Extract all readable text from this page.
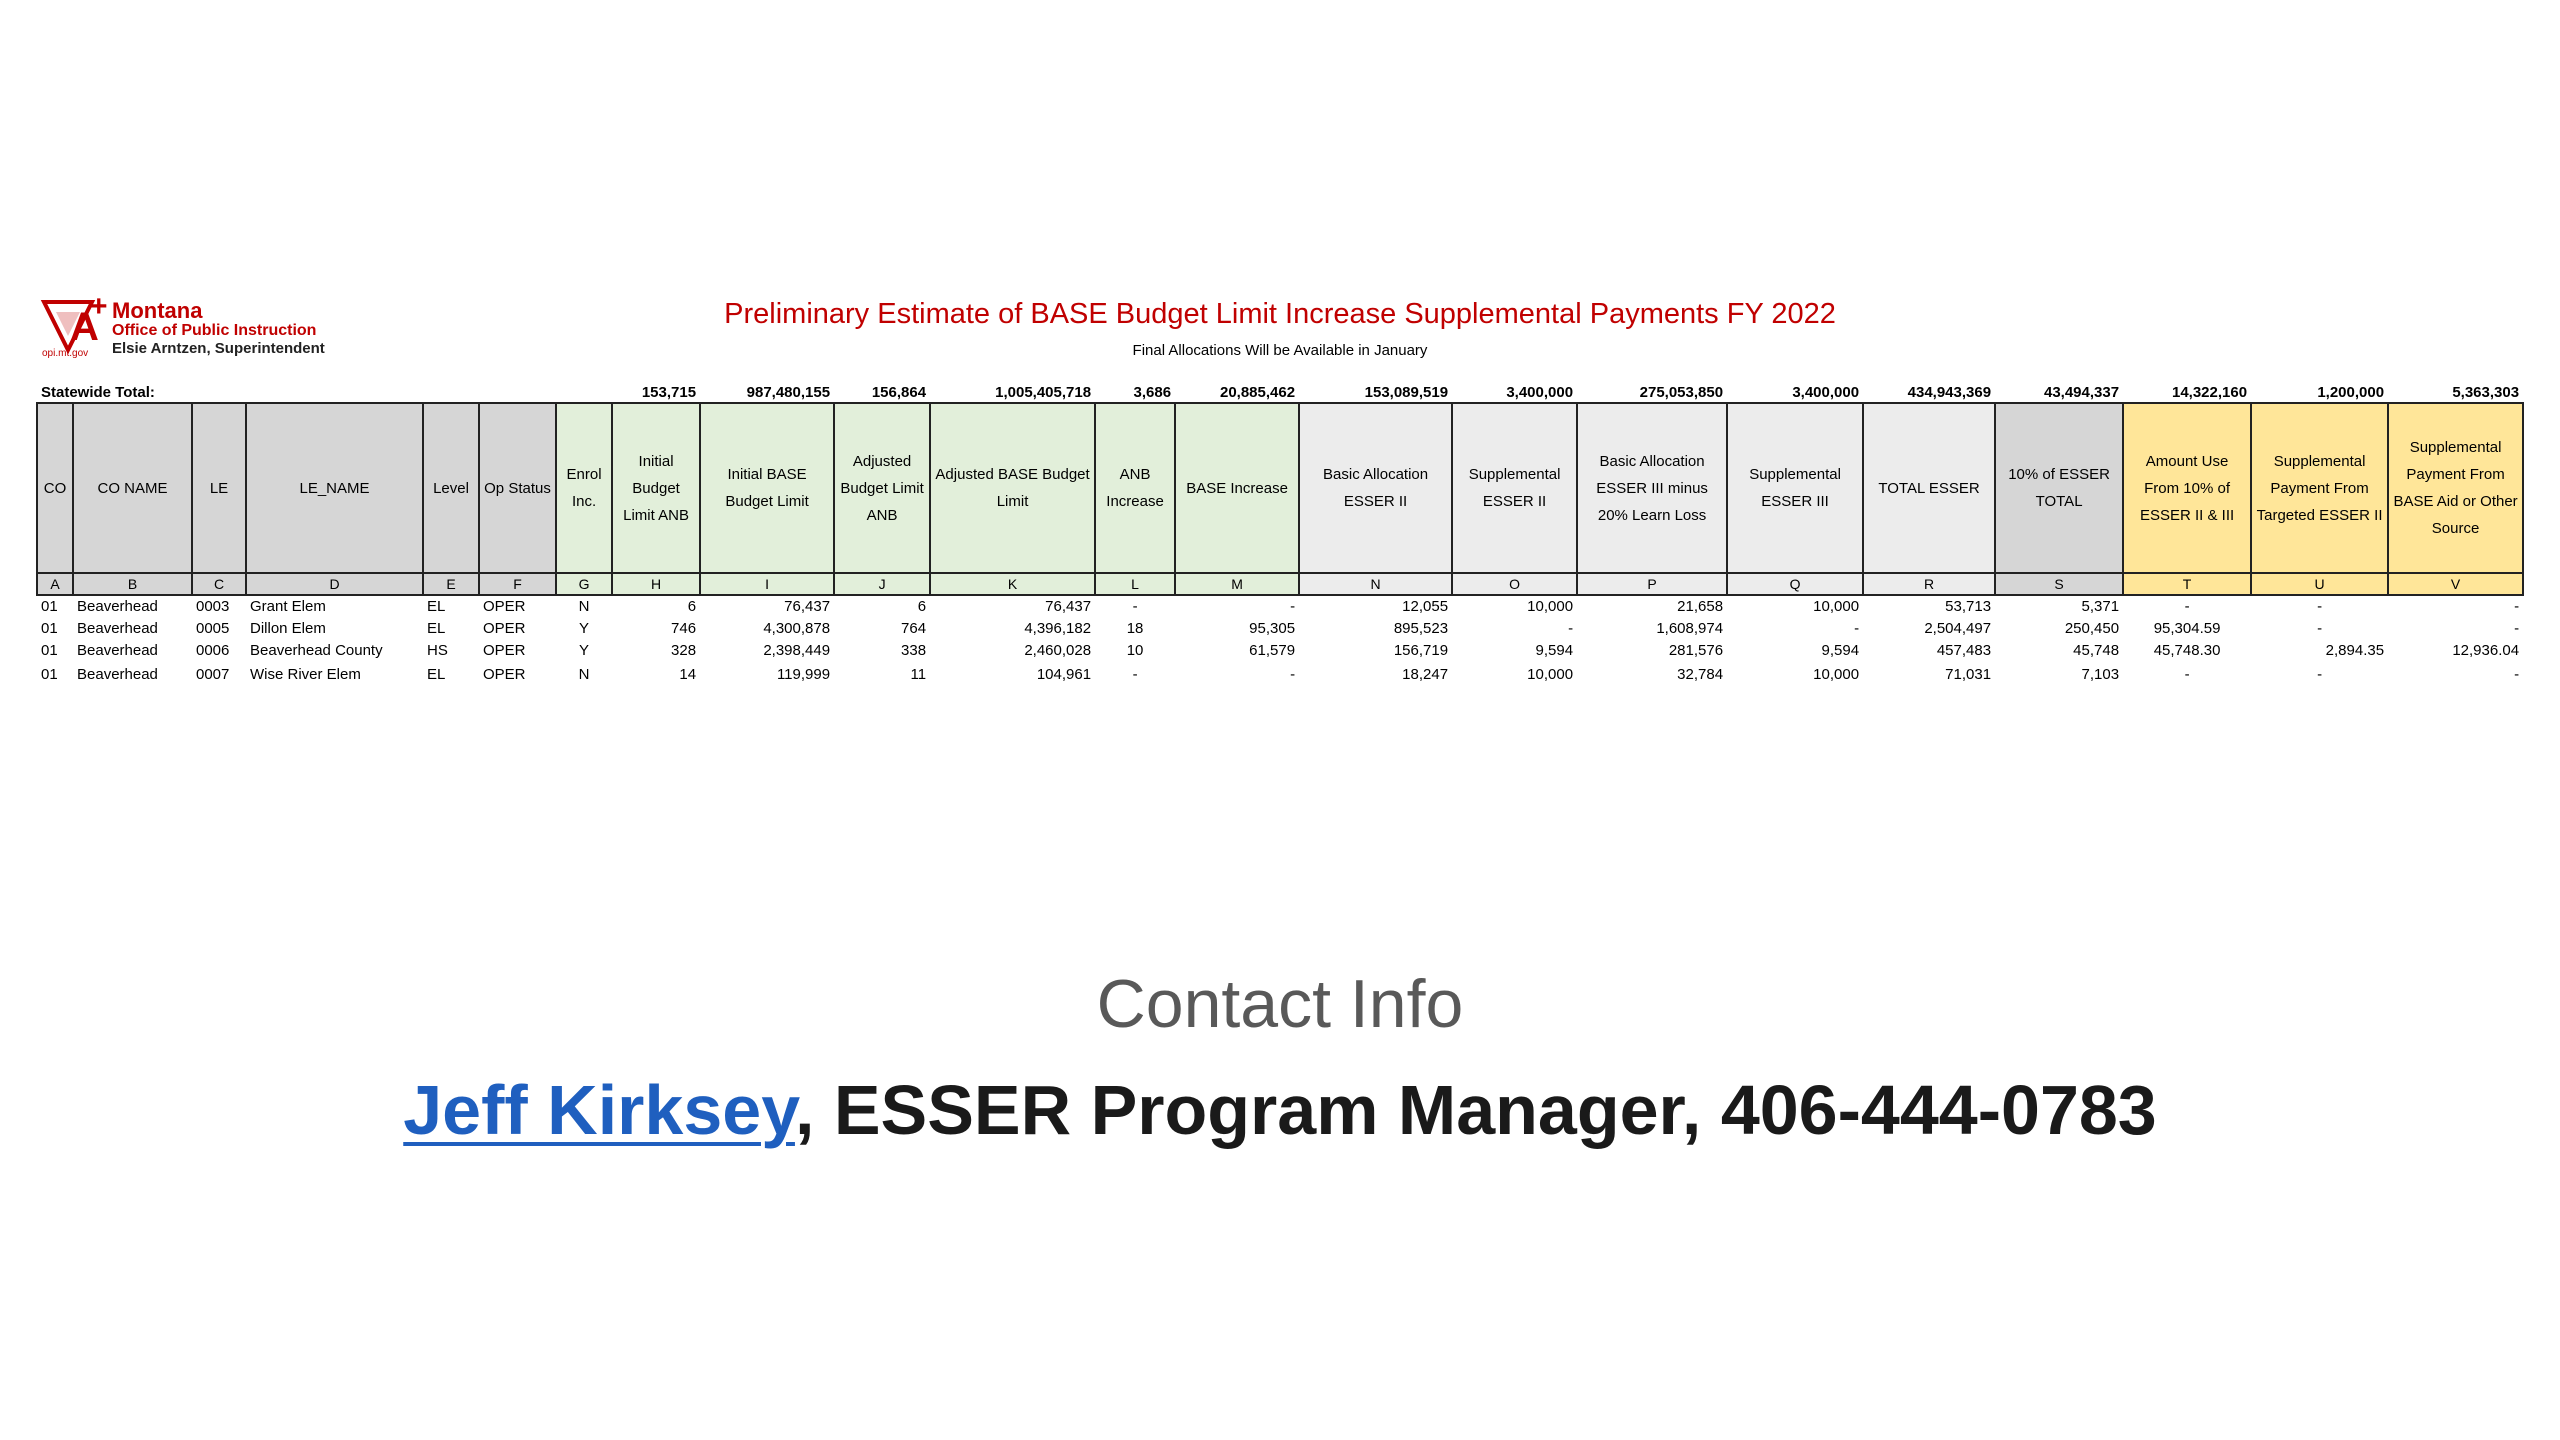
A
+
opi.mt.gov
Montana
Office of Public Instruction
Elsie Arntzen, Superintendent
Preliminary Estimate of BASE Budget Limit Increase Supplemental Payments FY 2022
Final Allocations Will be Available in January
Statewide Total:							153,715	987,480,155	156,864	1,005,405,718	3,686	20,885,462	153,089,519	3,400,000	275,053,850	3,400,000	434,943,369	43,494,337	14,322,160	1,200,000	5,363,303
CO	CO NAME	LE	LE_NAME	Level	Op Status	Enrol Inc.	Initial Budget Limit ANB	Initial BASE Budget Limit	Adjusted Budget Limit ANB	Adjusted BASE Budget Limit	ANB Increase	BASE Increase	Basic Allocation ESSER II	Supplemental ESSER II	Basic Allocation ESSER III minus 20% Learn Loss	Supplemental ESSER III	TOTAL ESSER	10% of ESSER TOTAL	Amount Use From 10% of ESSER II & III	Supplemental Payment From Targeted ESSER II	Supplemental Payment From BASE Aid or Other Source
A	B	C	D	E	F	G	H	I	J	K	L	M	N	O	P	Q	R	S	T	U	V
01	Beaverhead	0003	Grant Elem	EL	OPER	N	6	76,437	6	76,437	-	-	12,055	10,000	21,658	10,000	53,713	5,371	-	-	-
01	Beaverhead	0005	Dillon Elem	EL	OPER	Y	746	4,300,878	764	4,396,182	18	95,305	895,523	-	1,608,974	-	2,504,497	250,450	95,304.59	-	-
01	Beaverhead	0006	Beaverhead County	HS	OPER	Y	328	2,398,449	338	2,460,028	10	61,579	156,719	9,594	281,576	9,594	457,483	45,748	45,748.30	2,894.35	12,936.04
01	Beaverhead	0007	Wise River Elem	EL	OPER	N	14	119,999	11	104,961	-	-	18,247	10,000	32,784	10,000	71,031	7,103	-	-	-
Contact Info
Jeff Kirksey, ESSER Program Manager, 406-444-0783
